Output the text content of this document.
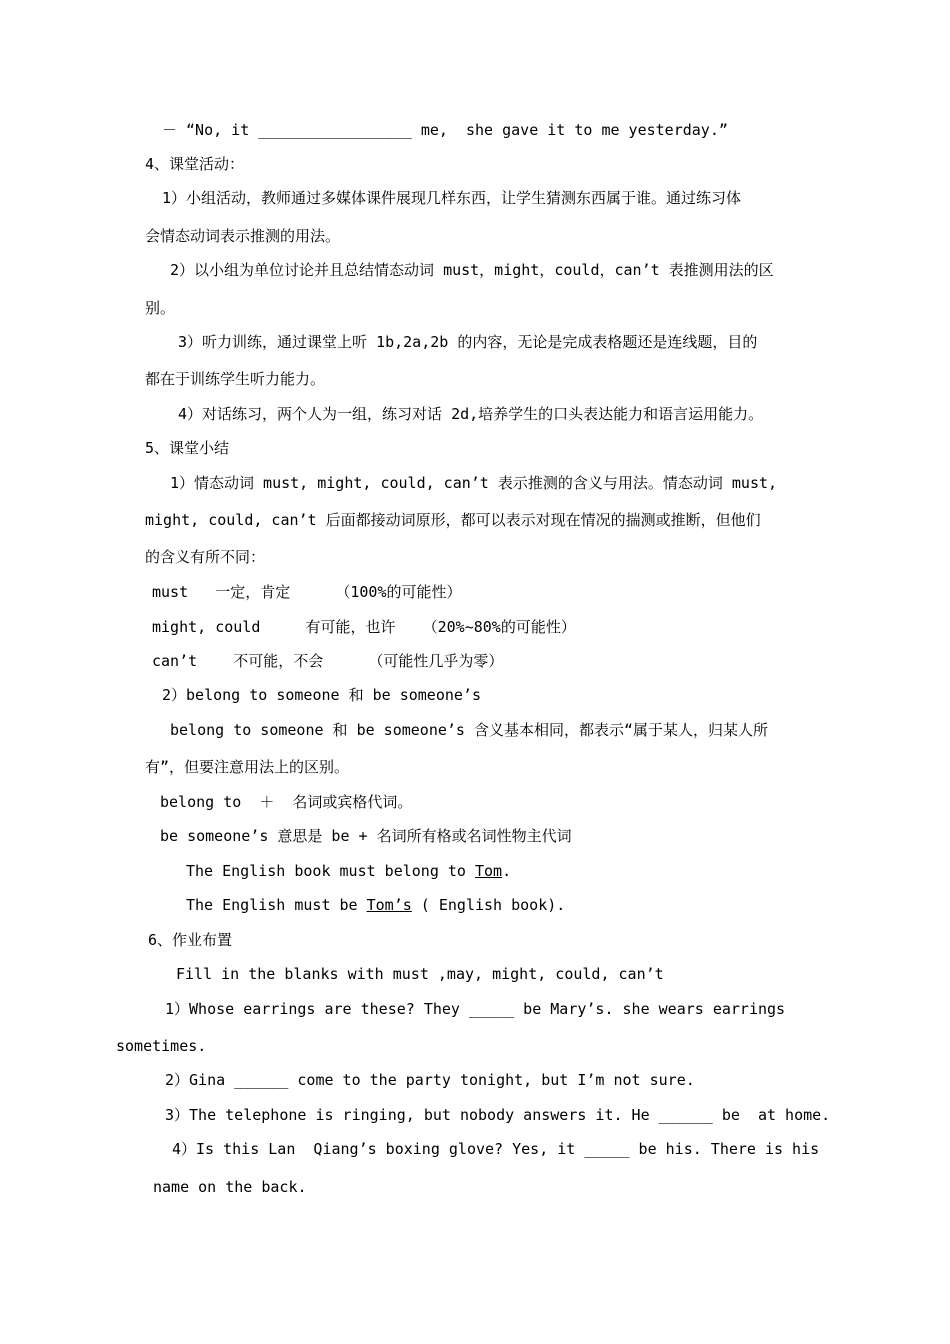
－ “No, it _________________ me,  she gave it to me yesterday.”
4、课堂活动：
1）小组活动，教师通过多媒体课件展现几样东西，让学生猜测东西属于谁。通过练习体
会情态动词表示推测的用法。
2）以小组为单位讨论并且总结情态动词 must，might，could，can’t 表推测用法的区
别。
3）听力训练，通过课堂上听 1b,2a,2b 的内容，无论是完成表格题还是连线题，目的
都在于训练学生听力能力。
4）对话练习，两个人为一组，练习对话 2d,培养学生的口头表达能力和语言运用能力。
5、课堂小结
1）情态动词 must, might, could, can’t 表示推测的含义与用法。情态动词 must,
might, could, can’t 后面都接动词原形，都可以表示对现在情况的揣测或推断，但他们
的含义有所不同：
must   一定，肯定     （100%的可能性）
might, could     有可能，也许   （20%~80%的可能性）
can’t    不可能，不会     （可能性几乎为零）
2）belong to someone 和 be someone’s
belong to someone 和 be someone’s 含义基本相同，都表示“属于某人，归某人所
有”，但要注意用法上的区别。
belong to  ＋  名词或宾格代词。
be someone’s 意思是 be + 名词所有格或名词性物主代词
The English book must belong to Tom.
The English must be Tom’s ( English book).
6、作业布置
Fill in the blanks with must ,may, might, could, can’t
1）Whose earrings are these? They _____ be Mary’s. she wears earrings
sometimes.
2）Gina ______ come to the party tonight, but I’m not sure.
3）The telephone is ringing, but nobody answers it. He ______ be  at home.
4）Is this Lan  Qiang’s boxing glove? Yes, it _____ be his. There is his
name on the back.
